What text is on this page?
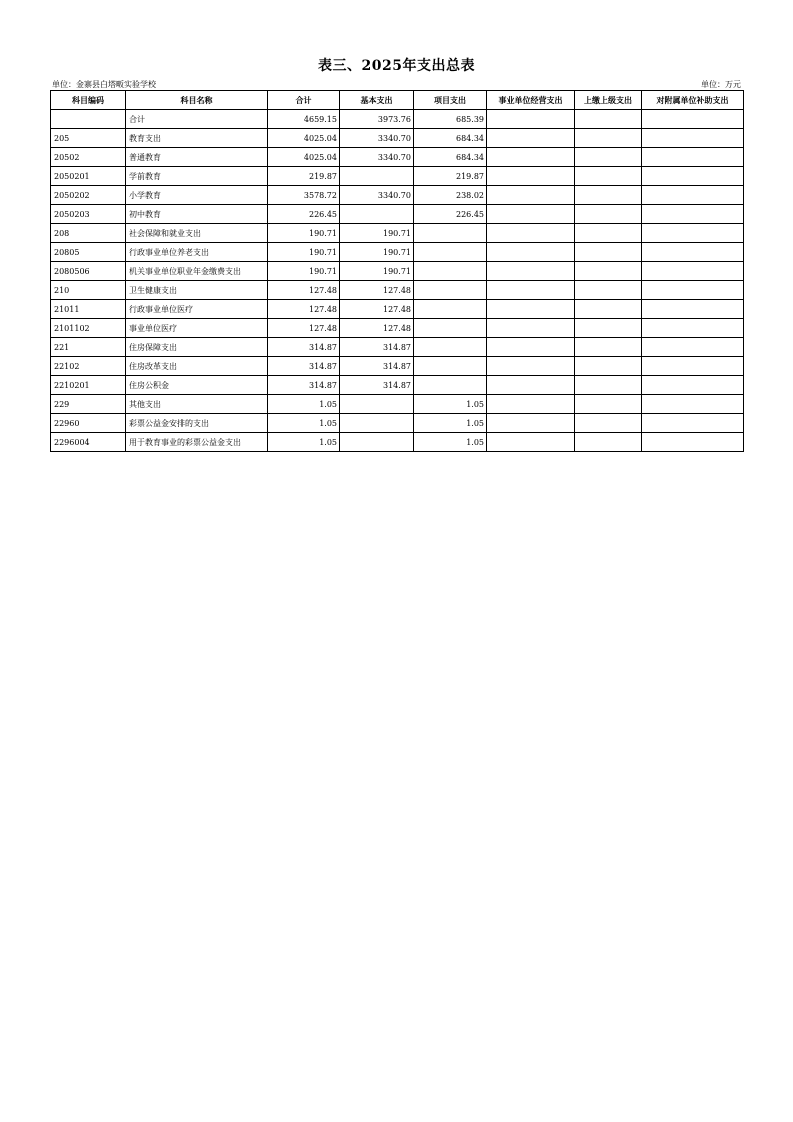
表三、2025年支出总表
单位：金寨县白塔畈实验学校	单位：万元
科目编码	科目名称	合计	基本支出	项目支出	事业单位经营支出	上缴上级支出	对附属单位补助支出
	合计	4659.15	3973.76	685.39			
205	教育支出	4025.04	3340.70	684.34			
20502	普通教育	4025.04	3340.70	684.34			
2050201	学前教育	219.87		219.87			
2050202	小学教育	3578.72	3340.70	238.02			
2050203	初中教育	226.45		226.45			
208	社会保障和就业支出	190.71	190.71				
20805	行政事业单位养老支出	190.71	190.71				
2080506	机关事业单位职业年金缴费支出	190.71	190.71				
210	卫生健康支出	127.48	127.48				
21011	行政事业单位医疗	127.48	127.48				
2101102	事业单位医疗	127.48	127.48				
221	住房保障支出	314.87	314.87				
22102	住房改革支出	314.87	314.87				
2210201	住房公积金	314.87	314.87				
229	其他支出	1.05		1.05			
22960	彩票公益金安排的支出	1.05		1.05			
2296004	用于教育事业的彩票公益金支出	1.05		1.05			
